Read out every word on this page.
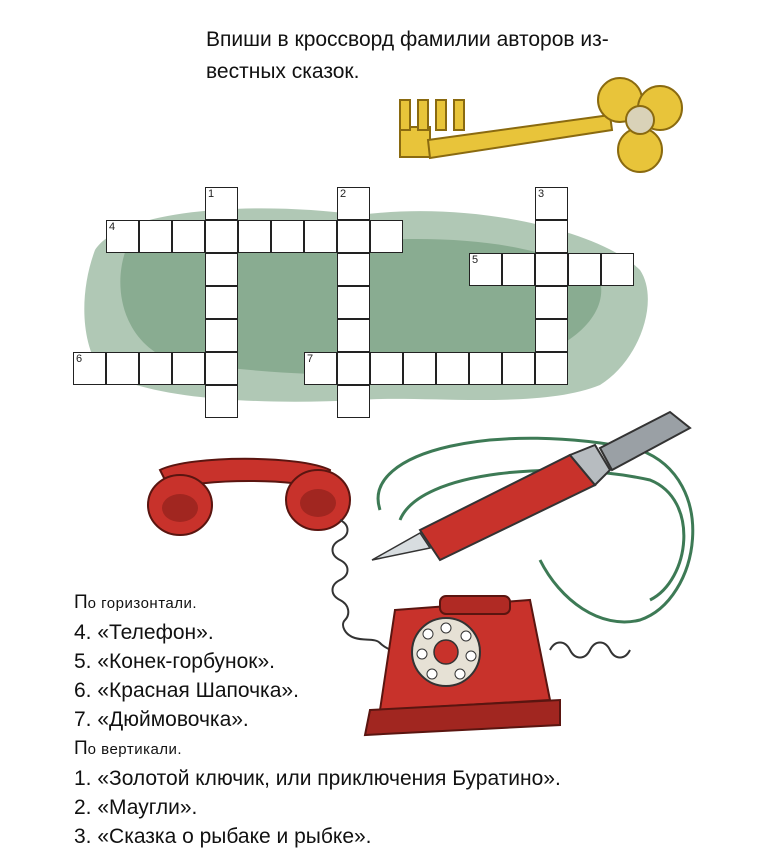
Впиши в кроссворд фамилии авторов из-
вестных сказок.
1	2	3
4
5
6	7
По горизонтали.
4. «Телефон».
5. «Конек-горбунок».
6. «Красная Шапочка».
7. «Дюймовочка».
По вертикали.
1. «Золотой ключик, или приключения Буратино».
2. «Маугли».
3. «Сказка о рыбаке и рыбке».
